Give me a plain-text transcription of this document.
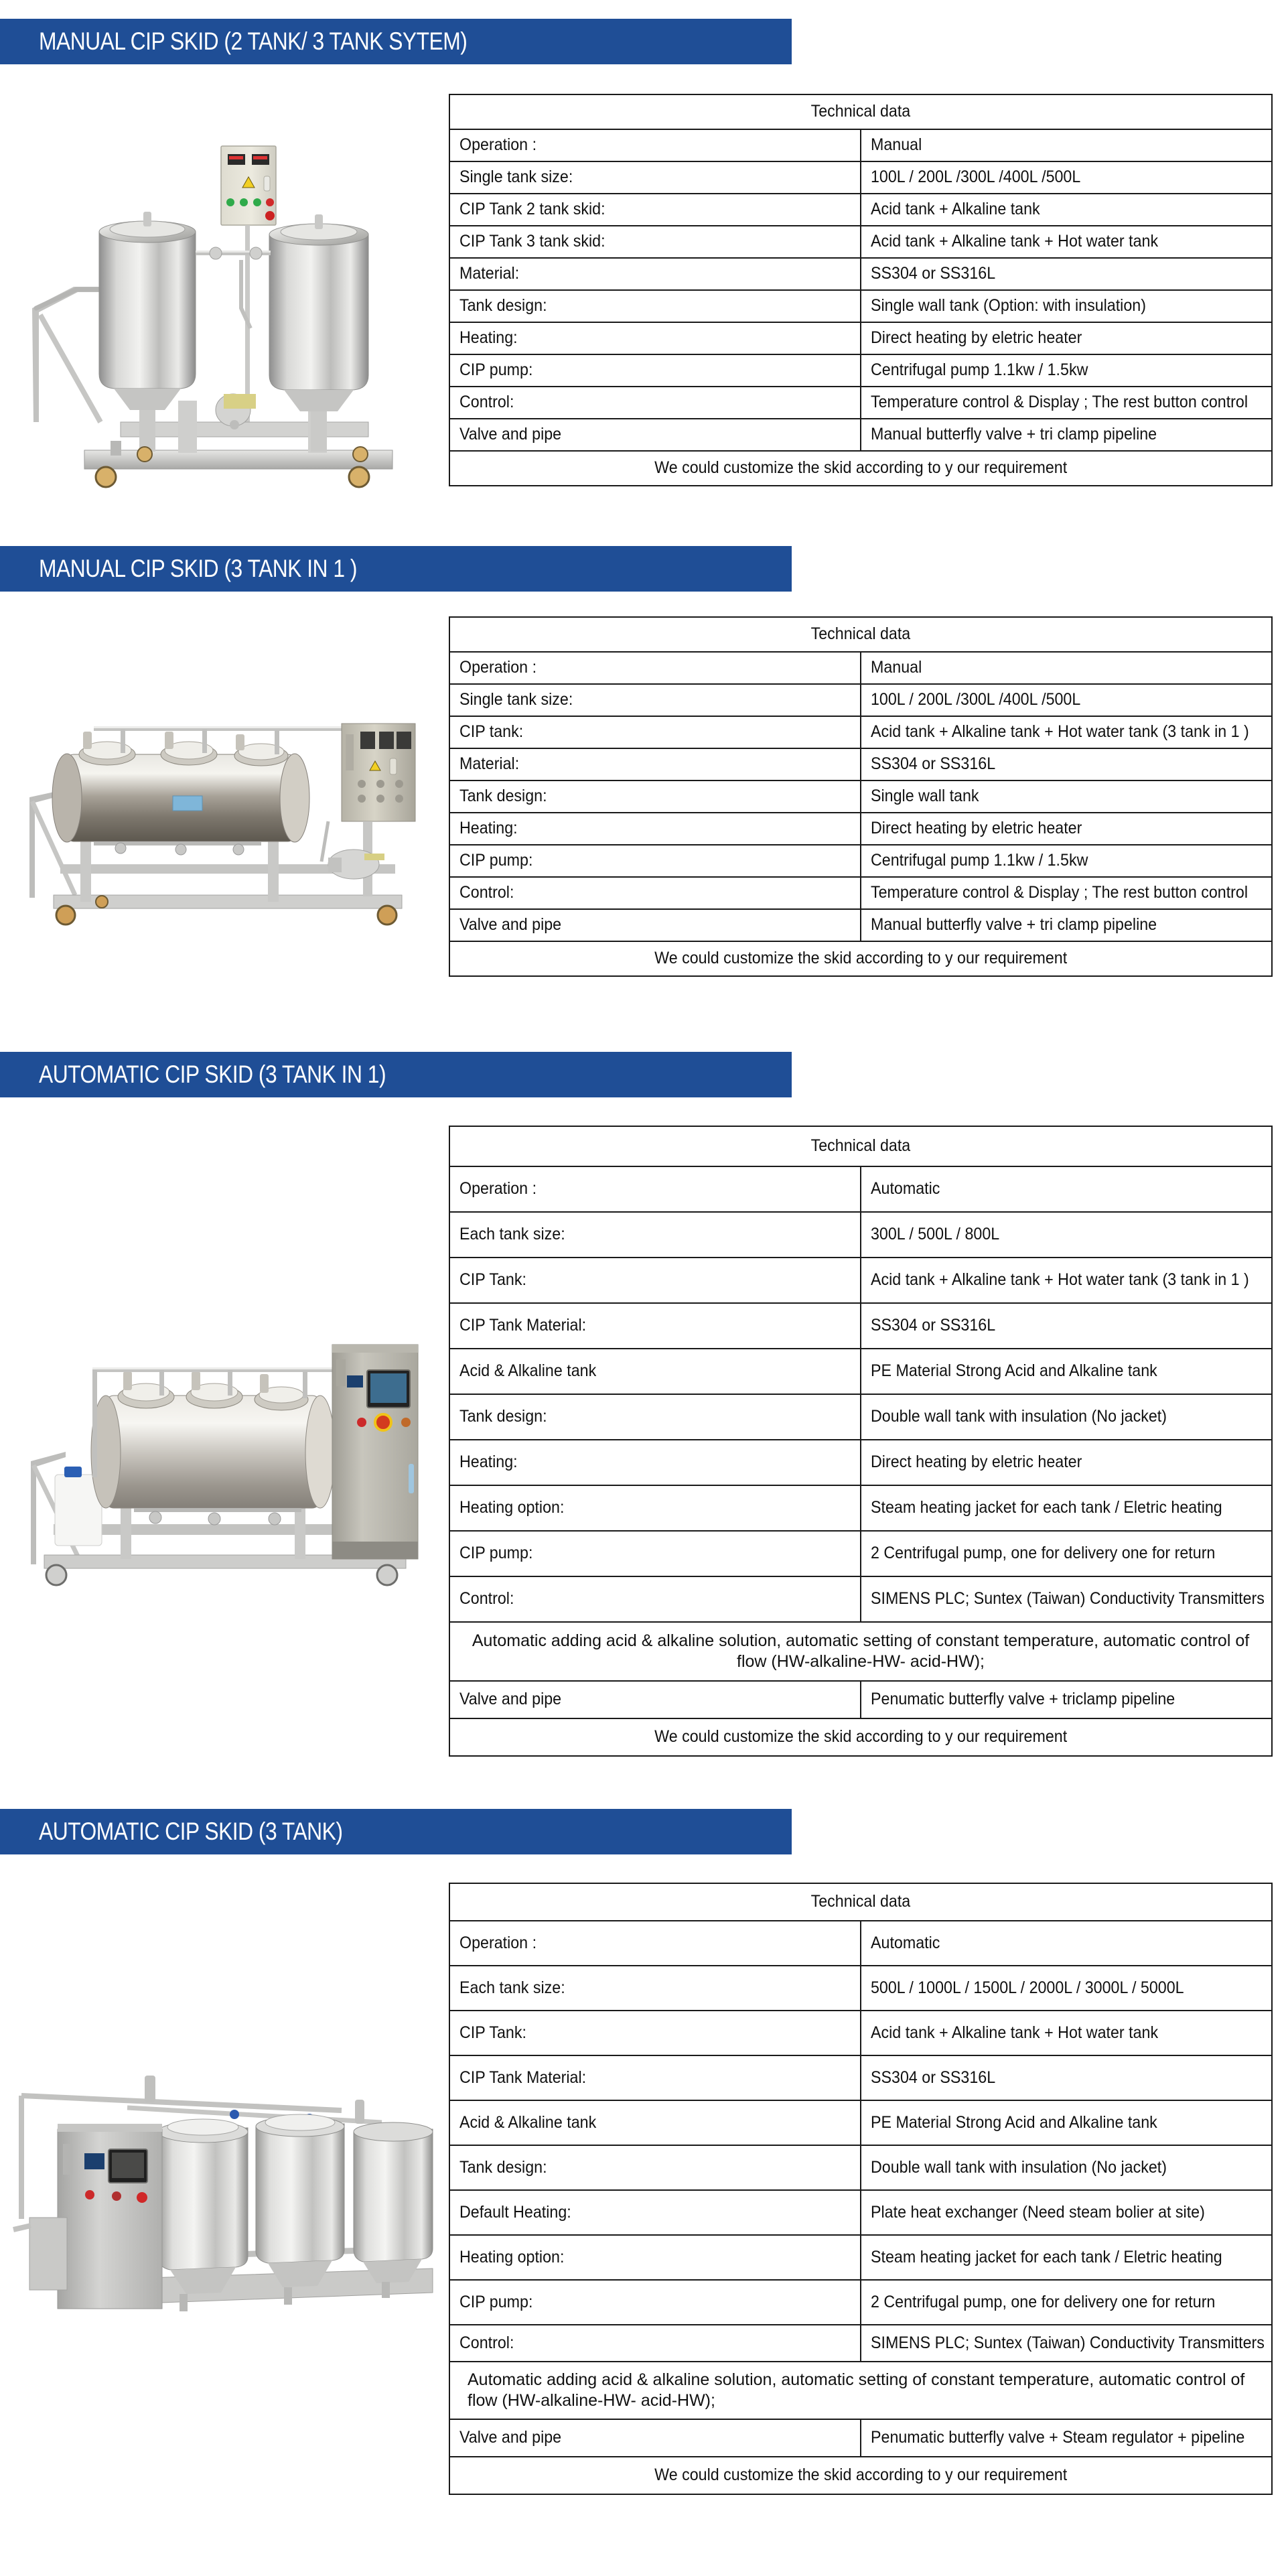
MANUAL CIP SKID (2 TANK/ 3 TANK SYTEM)
Technical data	
Operation :	Manual
Single tank size:	100L / 200L /300L /400L /500L
CIP Tank 2 tank skid:	Acid tank + Alkaline tank
CIP Tank 3 tank skid:	Acid tank + Alkaline tank + Hot water tank
Material:	SS304 or SS316L
Tank design:	Single wall tank (Option: with insulation)
Heating:	Direct heating by eletric heater
CIP pump:	Centrifugal pump 1.1kw / 1.5kw
Control:	Temperature control & Display ; The rest button control
Valve and pipe	Manual butterfly valve + tri clamp pipeline
We could customize the skid according to y our requirement	
MANUAL CIP SKID (3 TANK IN 1 )
Technical data	
Operation :	Manual
Single tank size:	100L / 200L /300L /400L /500L
CIP tank:	Acid tank + Alkaline tank + Hot water tank (3 tank in 1 )
Material:	SS304 or SS316L
Tank design:	Single wall tank
Heating:	Direct heating by eletric heater
CIP pump:	Centrifugal pump 1.1kw / 1.5kw
Control:	Temperature control & Display ; The rest button control
Valve and pipe	Manual butterfly valve + tri clamp pipeline
We could customize the skid according to y our requirement	
AUTOMATIC CIP SKID (3 TANK IN 1)
Technical data	
Operation :	Automatic
Each tank size:	300L / 500L / 800L
CIP Tank:	Acid tank + Alkaline tank + Hot water tank (3 tank in 1 )
CIP Tank Material:	SS304 or SS316L
Acid & Alkaline tank	PE Material Strong Acid and Alkaline tank
Tank design:	Double wall tank with insulation (No jacket)
Heating:	Direct heating by eletric heater
Heating option:	Steam heating jacket for each tank / Eletric heating
CIP pump:	2 Centrifugal pump, one for delivery one for return
Control:	SIMENS PLC; Suntex (Taiwan) Conductivity Transmitters
Automatic adding acid & alkaline solution, automatic setting of constant temperature, automatic control of flow (HW-alkaline-HW- acid-HW);	
Valve and pipe	Penumatic butterfly valve + triclamp pipeline
We could customize the skid according to y our requirement	
AUTOMATIC CIP SKID (3 TANK)
Technical data	
Operation :	Automatic
Each tank size:	500L / 1000L / 1500L / 2000L / 3000L / 5000L
CIP Tank:	Acid tank + Alkaline tank + Hot water tank
CIP Tank Material:	SS304 or SS316L
Acid & Alkaline tank	PE Material Strong Acid and Alkaline tank
Tank design:	Double wall tank with insulation (No jacket)
Default Heating:	Plate heat exchanger (Need steam bolier at site)
Heating option:	Steam heating jacket for each tank / Eletric heating
CIP pump:	2 Centrifugal pump, one for delivery one for return
Control:	SIMENS PLC; Suntex (Taiwan) Conductivity Transmitters
Automatic adding acid & alkaline solution, automatic setting of constant temperature, automatic control of flow (HW-alkaline-HW- acid-HW);	
Valve and pipe	Penumatic butterfly valve + Steam regulator + pipeline
We could customize the skid according to y our requirement	
